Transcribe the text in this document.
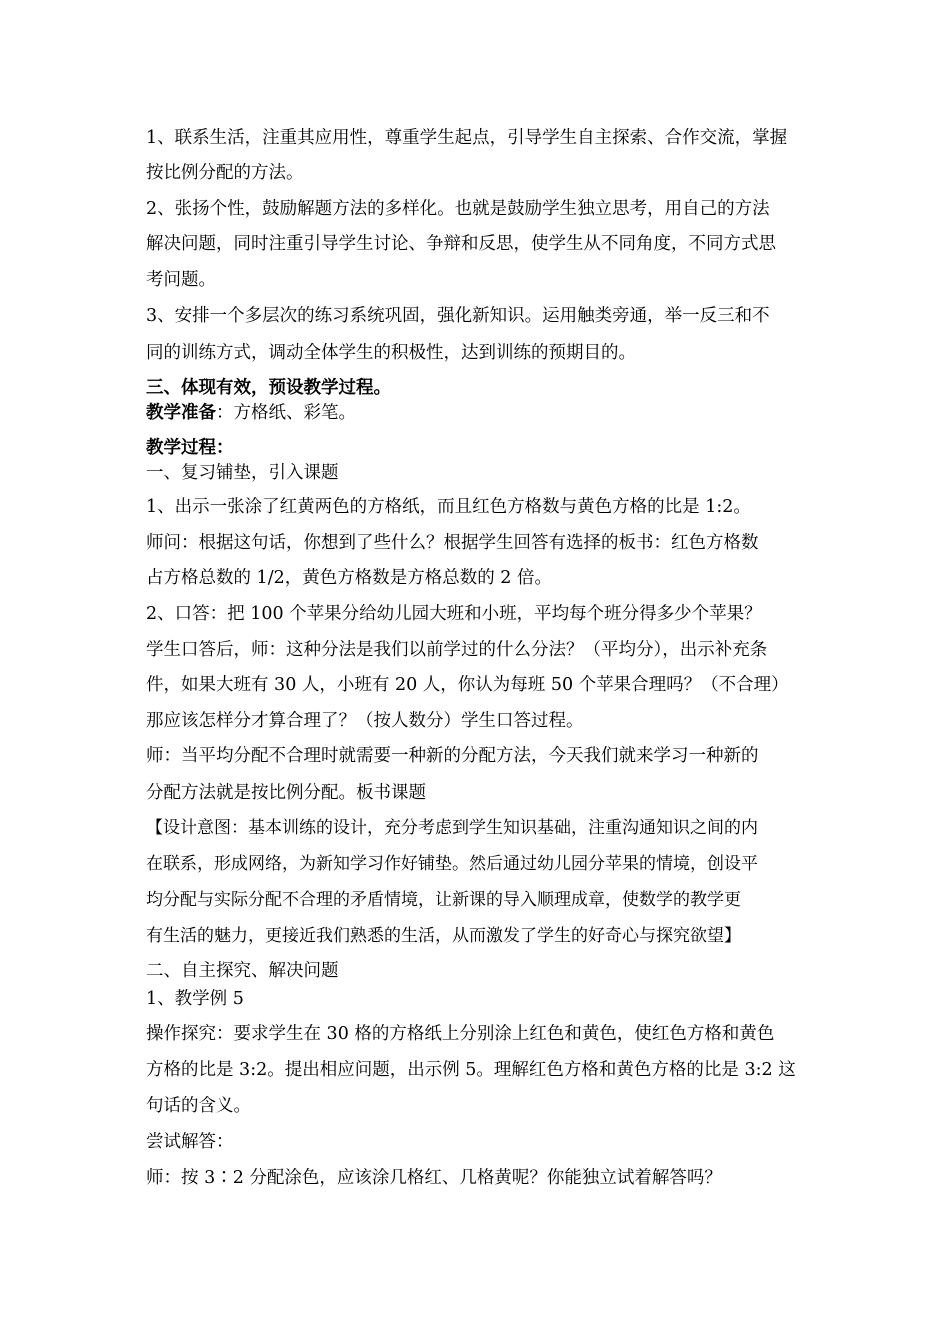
1、联系生活，注重其应用性，尊重学生起点，引导学生自主探索、合作交流，掌握

按比例分配的方法。

2、张扬个性，鼓励解题方法的多样化。也就是鼓励学生独立思考，用自己的方法

解决问题，同时注重引导学生讨论、争辩和反思，使学生从不同角度，不同方式思

考问题。

3、安排一个多层次的练习系统巩固，强化新知识。运用触类旁通，举一反三和不

同的训练方式，调动全体学生的积极性，达到训练的预期目的。

三、体现有效，预设教学过程。

教学准备：方格纸、彩笔。

教学过程：

一、复习铺垫，引入课题

1、出示一张涂了红黄两色的方格纸，而且红色方格数与黄色方格的比是 1:2。

师问：根据这句话，你想到了些什么？根据学生回答有选择的板书：红色方格数

占方格总数的 1/2，黄色方格数是方格总数的 2 倍。

2、口答：把 100 个苹果分给幼儿园大班和小班，平均每个班分得多少个苹果？

学生口答后，师：这种分法是我们以前学过的什么分法？（平均分），出示补充条

件，如果大班有 30 人，小班有 20 人，你认为每班 50 个苹果合理吗？（不合理）

那应该怎样分才算合理了？（按人数分）学生口答过程。

师：当平均分配不合理时就需要一种新的分配方法，今天我们就来学习一种新的

分配方法就是按比例分配。板书课题

【设计意图：基本训练的设计，充分考虑到学生知识基础，注重沟通知识之间的内

在联系，形成网络，为新知学习作好铺垫。然后通过幼儿园分苹果的情境，创设平

均分配与实际分配不合理的矛盾情境，让新课的导入顺理成章，使数学的教学更

有生活的魅力，更接近我们熟悉的生活，从而激发了学生的好奇心与探究欲望】

二、自主探究、解决问题

1、教学例 5

操作探究：要求学生在 30 格的方格纸上分别涂上红色和黄色，使红色方格和黄色

方格的比是 3:2。提出相应问题，出示例 5。理解红色方格和黄色方格的比是 3:2 这

句话的含义。

尝试解答：

师：按 3∶2 分配涂色，应该涂几格红、几格黄呢？你能独立试着解答吗？
